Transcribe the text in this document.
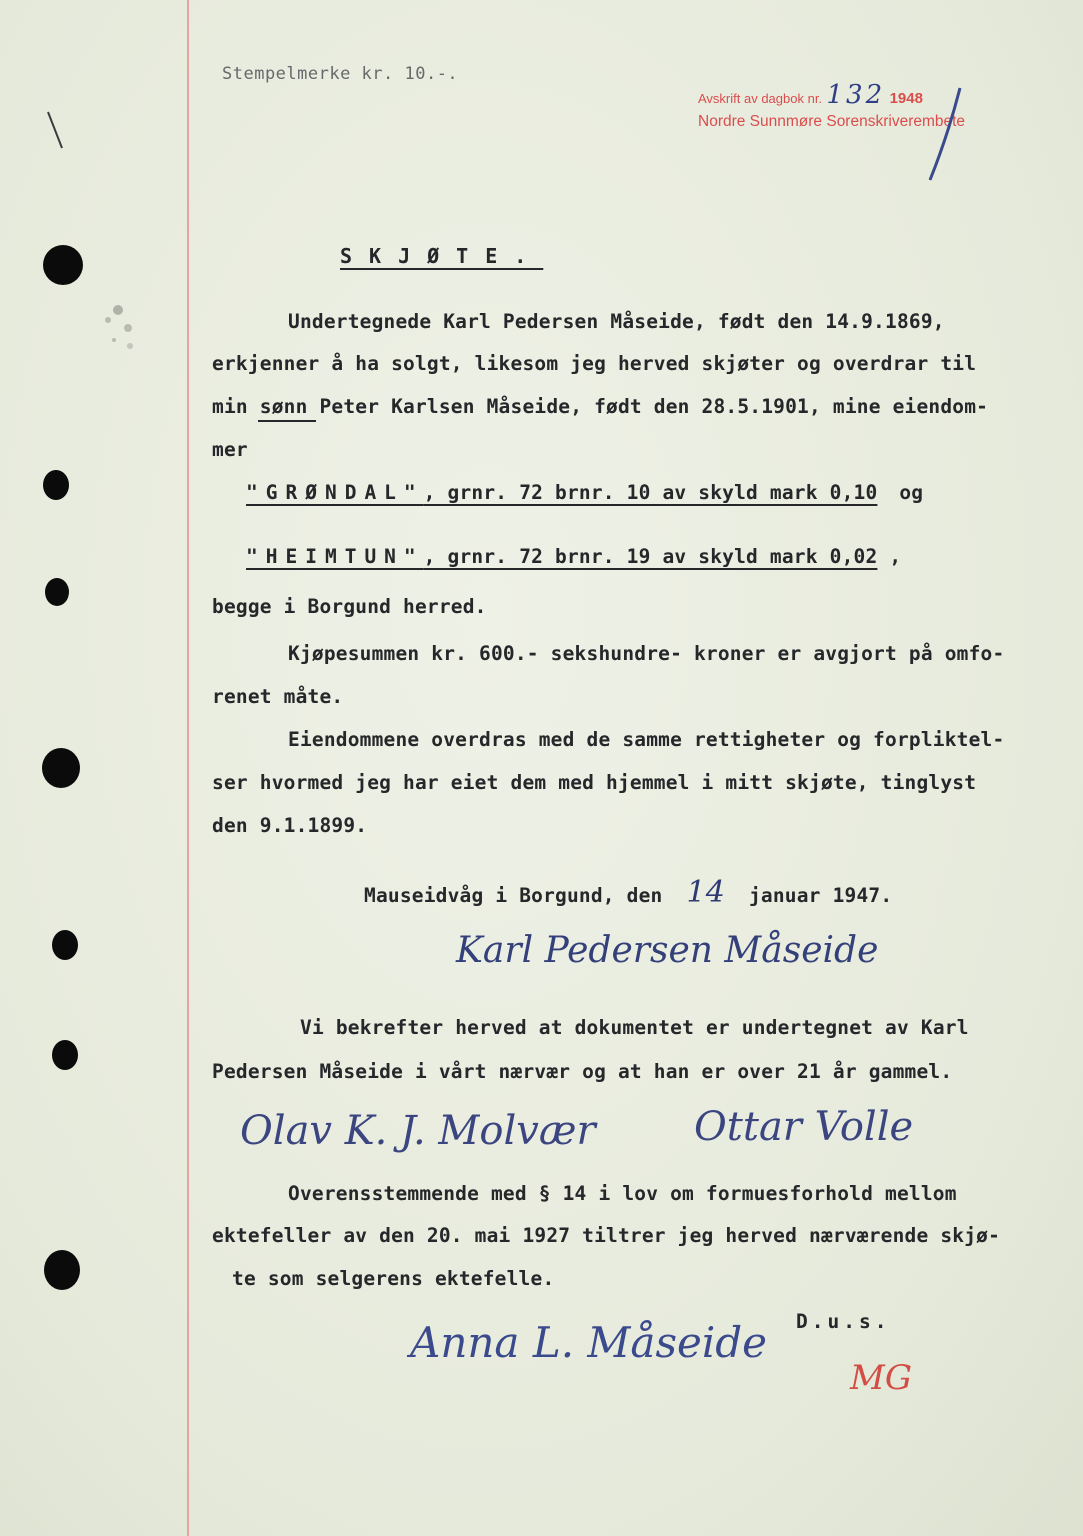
Stempelmerke kr. 10.-.
Avskrift av dagbok nr. 132 1948
Nordre Sunnmøre Sorenskriverembete
SKJØTE.
Undertegnede Karl Pedersen Måseide, født den 14.9.1869,
erkjenner å ha solgt, likesom jeg herved skjøter og overdrar til
min sønn Peter Karlsen Måseide, født den 28.5.1901, mine eiendom-
mer
"GRØNDAL", grnr. 72 brnr. 10 av skyld mark 0,10 og
"HEIMTUN", grnr. 72 brnr. 19 av skyld mark 0,02 ,
begge i Borgund herred.
Kjøpesummen kr. 600.- sekshundre- kroner er avgjort på omfo-
renet måte.
Eiendommene overdras med de samme rettigheter og forpliktel-
ser hvormed jeg har eiet dem med hjemmel i mitt skjøte, tinglyst
den 9.1.1899.
Mauseidvåg i Borgund, den 14 januar 1947.
Karl Pedersen Måseide
Vi bekrefter herved at dokumentet er undertegnet av Karl
Pedersen Måseide i vårt nærvær og at han er over 21 år gammel.
Olav K. J. Molvær Ottar Volle
Overensstemmende med § 14 i lov om formuesforhold mellom
ektefeller av den 20. mai 1927 tiltrer jeg herved nærværende skjø-
te som selgerens ektefelle.
Anna L. Måseide D.u.s.
MG
